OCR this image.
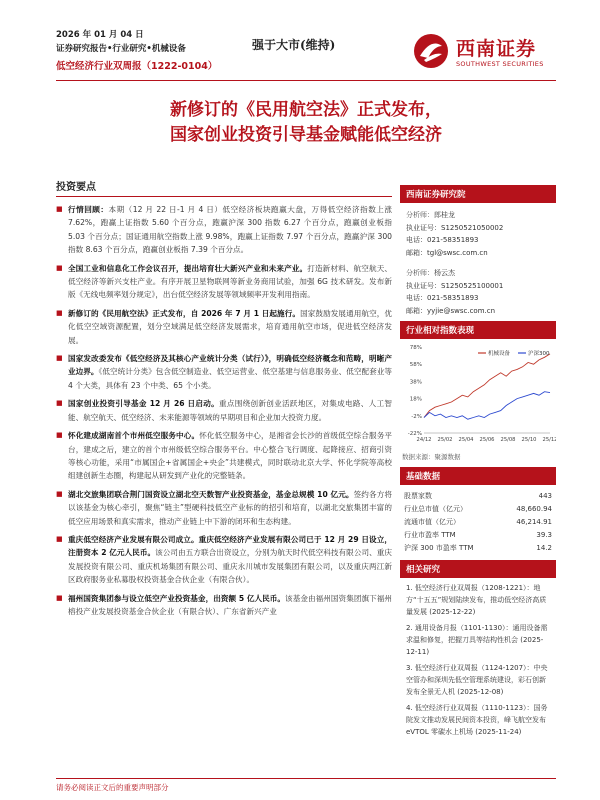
2026 年 01 月 04 日
证券研究报告•行业研究•机械设备
低空经济行业双周报（1222-0104）
强于大市(维持)	西南证券
SOUTHWEST SECURITIES
新修订的《民用航空法》正式发布，
国家创业投资引导基金赋能低空经济
投资要点
■ 行情回顾：本期（12 月 22 日-1 月 4 日）低空经济板块跑赢大盘，万得低空经济指数上涨 7.62%，跑赢上证指数 5.60 个百分点，跑赢沪深 300 指数 6.27 个百分点，跑赢创业板指 5.03 个百分点；国证通用航空指数上涨 9.98%，跑赢上证指数 7.97 个百分点，跑赢沪深 300 指数 8.63 个百分点，跑赢创业板指 7.39 个百分点。
■ 全国工业和信息化工作会议召开，提出培育壮大新兴产业和未来产业。打造新材料、航空航天、低空经济等新兴支柱产业。有序开展卫星物联网等新业务商用试验，加强 6G 技术研发。发布新版《无线电频率划分规定》，出台低空经济发展等领域频率开发利用指南。
■ 新修订的《民用航空法》正式发布，自 2026 年 7 月 1 日起施行。国家鼓励发展通用航空，优化低空空域资源配置，划分空域满足低空经济发展需求，培育通用航空市场，促进低空经济发展。
■ 国家发改委发布《低空经济及其核心产业统计分类（试行）》，明确低空经济概念和范畴，明晰产业边界。《低空统计分类》包含低空制造业、低空运营业、低空基建与信息服务业、低空配套业等 4 个大类，具体有 23 个中类、65 个小类。
■ 国家创业投资引导基金 12 月 26 日启动。重点围绕创新创业活跃地区，对集成电路、人工智能、航空航天、低空经济、未来能源等领域的早期项目和企业加大投资力度。
■ 怀化建成湖南首个市州低空服务中心。怀化低空服务中心，是湘省会长沙的首级低空综合服务平台，建成之后，建立的首个市州级低空综合服务平台。中心整合飞行调度、起降接应、招商引资等核心功能，采用“市属国企+省属国企+央企”共建模式，同时联动北京大学、怀化学院等高校组建创新生态圈，构建起从研发到产业化的完整链条。
■ 湖北交旅集团联合荆门国资设立湖北空天数智产业投资基金，基金总规模 10 亿元。签约各方将以该基金为核心牵引，聚焦“链主”型硬科技低空产业标的的招引和培育，以湖北交旅集团丰富的低空应用场景和真实需求，推动产业链上中下游的闭环和生态构建。
■ 重庆低空经济产业发展有限公司成立。重庆低空经济产业发展有限公司已于 12 月 29 日设立，注册资本 2 亿元人民币。该公司由五方联合出资设立，分别为航天时代低空科技有限公司、重庆发展投资有限公司、重庆机场集团有限公司、重庆永川城市发展集团有限公司，以及重庆两江新区政府服务业私募股权投资基金合伙企业（有限合伙）。
■ 福州国资集团参与设立低空产业投资基金，出资额 5 亿人民币。该基金由福州国资集团旗下福州榕投产业发展投资基金合伙企业（有限合伙）、广东省新兴产业
西南证券研究院
分析师：郎桂龙
执业证号：S1250521050002
电话：021-58351893
邮箱：tgl@swsc.com.cn
分析师：杨云杰
执业证号：S1250525100001
电话：021-58351893
邮箱：yyjie@swsc.com.cn
行业相对指数表现
78%
58%
38%
18%
-2%
-22%
24/12 25/02 25/04 25/06 25/08 25/10 25/12
机械设备	沪深300
数据来源：聚源数据
基础数据
股票家数	443
行业总市值（亿元）	48,660.94
流通市值（亿元）	46,214.91
行业市盈率 TTM	39.3
沪深 300 市盈率 TTM	14.2
相关研究
1. 低空经济行业双周报（1208-1221）：地方“十五五”规划陆续发布，推动低空经济高质量发展 (2025-12-22)
2. 通用设备月报（1101-1130）：通用设备需求温和修复，把握刀具等结构性机会 (2025-12-11)
3. 低空经济行业双周报（1124-1207）：中央空管办和深圳先低空管理系统建设，彩石创新发布全景无人机 (2025-12-08)
4. 低空经济行业双周报（1110-1123）：国务院发文推动发展民间资本投资，峰飞航空发布 eVTOL 零碳水上机场 (2025-11-24)
请务必阅读正文后的重要声明部分
